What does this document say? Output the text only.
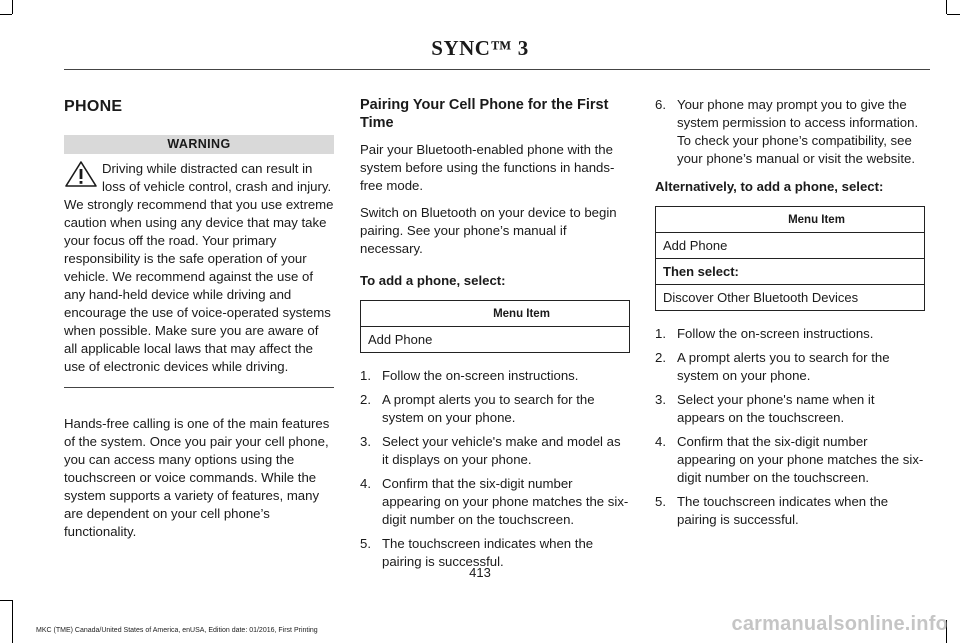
SYNC™ 3
PHONE
WARNING
Driving while distracted can result in loss of vehicle control, crash and injury. We strongly recommend that you use extreme caution when using any device that may take your focus off the road. Your primary responsibility is the safe operation of your vehicle. We recommend against the use of any hand-held device while driving and encourage the use of voice-operated systems when possible. Make sure you are aware of all applicable local laws that may affect the use of electronic devices while driving.

Hands-free calling is one of the main features of the system. Once you pair your cell phone, you can access many options using the touchscreen or voice commands. While the system supports a variety of features, many are dependent on your cell phone’s functionality.

Pairing Your Cell Phone for the First Time

Pair your Bluetooth-enabled phone with the system before using the functions in hands-free mode.

Switch on Bluetooth on your device to begin pairing. See your phone’s manual if necessary.

To add a phone, select:

Menu Item
Add Phone
1. Follow the on-screen instructions.
2. A prompt alerts you to search for the system on your phone.
3. Select your vehicle's make and model as it displays on your phone.
4. Confirm that the six-digit number appearing on your phone matches the six-digit number on the touchscreen.
5. The touchscreen indicates when the pairing is successful.
6. Your phone may prompt you to give the system permission to access information. To check your phone’s compatibility, see your phone’s manual or visit the website.

Alternatively, to add a phone, select:

Menu Item
Add Phone
Then select:
Discover Other Bluetooth Devices
1. Follow the on-screen instructions.
2. A prompt alerts you to search for the system on your phone.
3. Select your phone's name when it appears on the touchscreen.
4. Confirm that the six-digit number appearing on your phone matches the six-digit number on the touchscreen.
5. The touchscreen indicates when the pairing is successful.
413
MKC (TME) Canada/United States of America, enUSA, Edition date: 01/2016, First Printing	carmanualsonline.info
